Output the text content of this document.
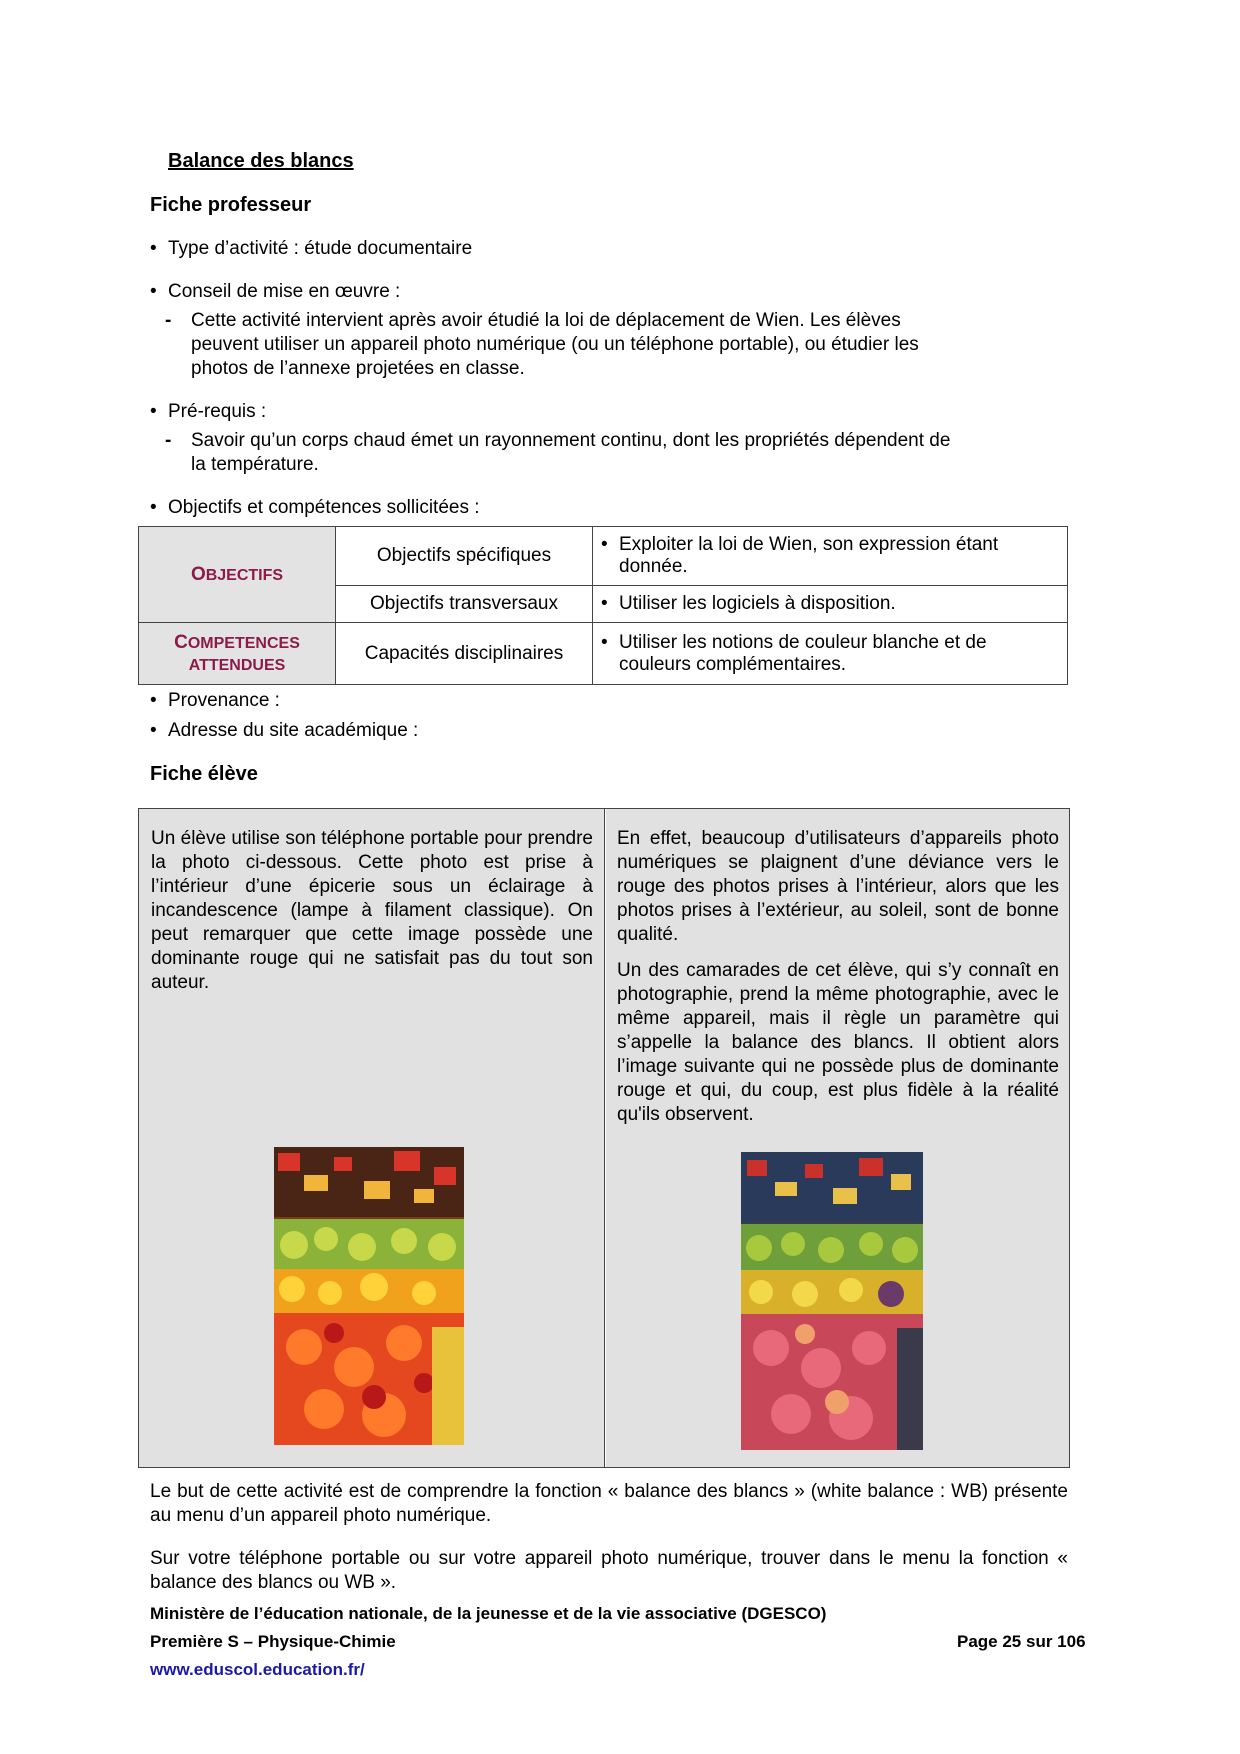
Balance des blancs
Fiche professeur
• Type d’activité : étude documentaire
• Conseil de mise en œuvre :
- Cette activité intervient après avoir étudié la loi de déplacement de Wien. Les élèves
peuvent utiliser un appareil photo numérique (ou un téléphone portable), ou étudier les
photos de l’annexe projetées en classe.
• Pré-requis :
- Savoir qu’un corps chaud émet un rayonnement continu, dont les propriétés dépendent de
la température.
• Objectifs et compétences sollicitées :
OBJECTIFS	Objectifs spécifiques	• Exploiter la loi de Wien, son expression étant donnée.

	Objectifs transversaux	• Utiliser les logiciels à disposition.

COMPETENCES
ATTENDUES	Capacités disciplinaires	• Utiliser les notions de couleur blanche et de couleurs complémentaires.
• Provenance :
• Adresse du site académique :
Fiche élève

Un élève utilise son téléphone portable pour prendre la photo ci-dessous. Cette photo est prise à l’intérieur d’une épicerie sous un éclairage à incandescence (lampe à filament classique). On peut remarquer que cette image possède une dominante rouge qui ne satisfait pas du tout son auteur.

En effet, beaucoup d’utilisateurs d’appareils photo numériques se plaignent d’une déviance vers le rouge des photos prises à l’intérieur, alors que les photos prises à l’extérieur, au soleil, sont de bonne qualité.

Un des camarades de cet élève, qui s’y connaît en photographie, prend la même photographie, avec le même appareil, mais il règle un paramètre qui s’appelle la balance des blancs. Il obtient alors l’image suivante qui ne possède plus de dominante rouge et qui, du coup, est plus fidèle à la réalité qu'ils observent.

Le but de cette activité est de comprendre la fonction « balance des blancs » (white balance : WB) présente au menu d’un appareil photo numérique.
Sur votre téléphone portable ou sur votre appareil photo numérique, trouver dans le menu la fonction « balance des blancs ou WB ».
Ministère de l’éducation nationale, de la jeunesse et de la vie associative (DGESCO)
Première S – Physique-Chimie	Page 25 sur 106
www.eduscol.education.fr/
